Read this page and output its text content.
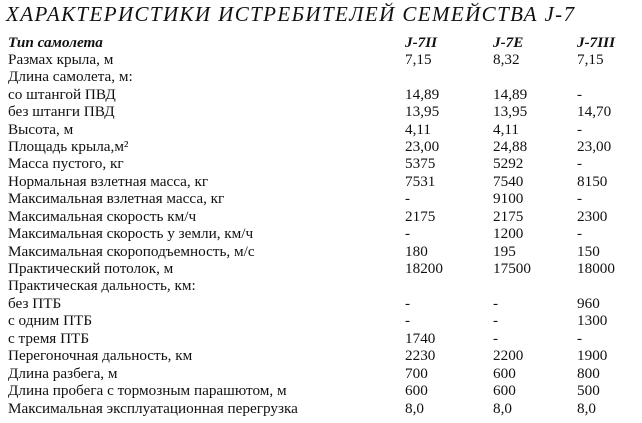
ХАРАКТЕРИСТИКИ ИСТРЕБИТЕЛЕЙ СЕМЕЙСТВА J-7
Тип самолета	J-7II	J-7E	J-7III
Размах крыла, м	7,15	8,32	7,15
Длина самолета, м:
со штангой ПВД	14,89	14,89	-
без штанги ПВД	13,95	13,95	14,70
Высота, м	4,11	4,11	-
Площадь крыла,м²	23,00	24,88	23,00
Масса пустого, кг	5375	5292	-
Нормальная взлетная масса, кг	7531	7540	8150
Максимальная взлетная масса, кг	-	9100	-
Максимальная скорость км/ч	2175	2175	2300
Максимальная скорость у земли, км/ч	-	1200	-
Максимальная скороподъемность, м/с	180	195	150
Практический потолок, м	18200	17500	18000
Практическая дальность, км:
без ПТБ	-	-	960
с одним ПТБ	-	-	1300
с тремя ПТБ	1740	-	-
Перегоночная дальность, км	2230	2200	1900
Длина разбега, м	700	600	800
Длина пробега с тормозным парашютом, м	600	600	500
Максимальная эксплуатационная перегрузка	8,0	8,0	8,0
